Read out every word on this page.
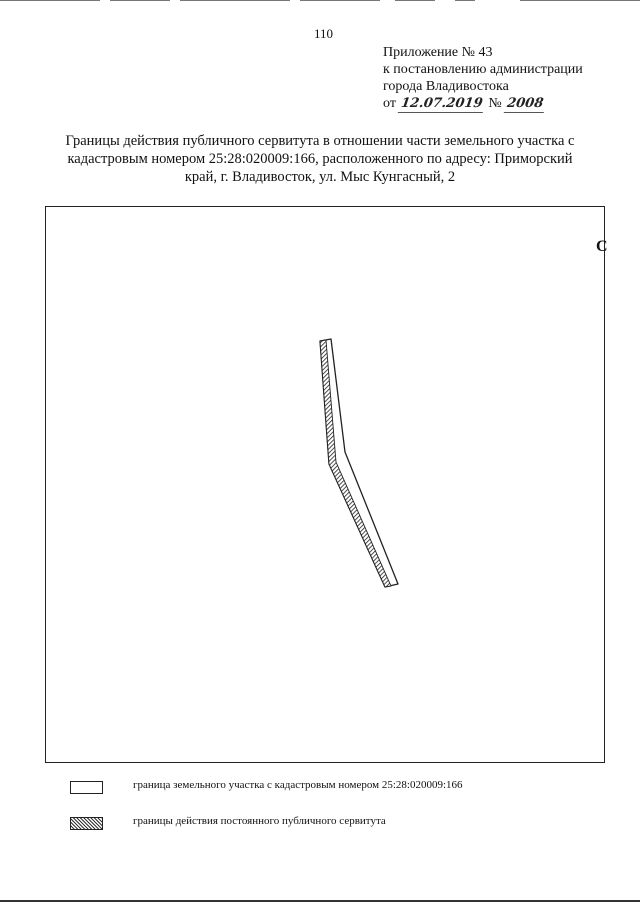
110
Приложение № 43
к постановлению администрации
города Владивостока
от 12.07.2019 № 2008
Границы действия публичного сервитута в отношении части земельного участка с кадастровым номером 25:28:020009:166, расположенного по адресу: Приморский край, г. Владивосток, ул. Мыс Кунгасный, 2
С
граница земельного участка с кадастровым номером 25:28:020009:166
границы действия постоянного публичного сервитута
